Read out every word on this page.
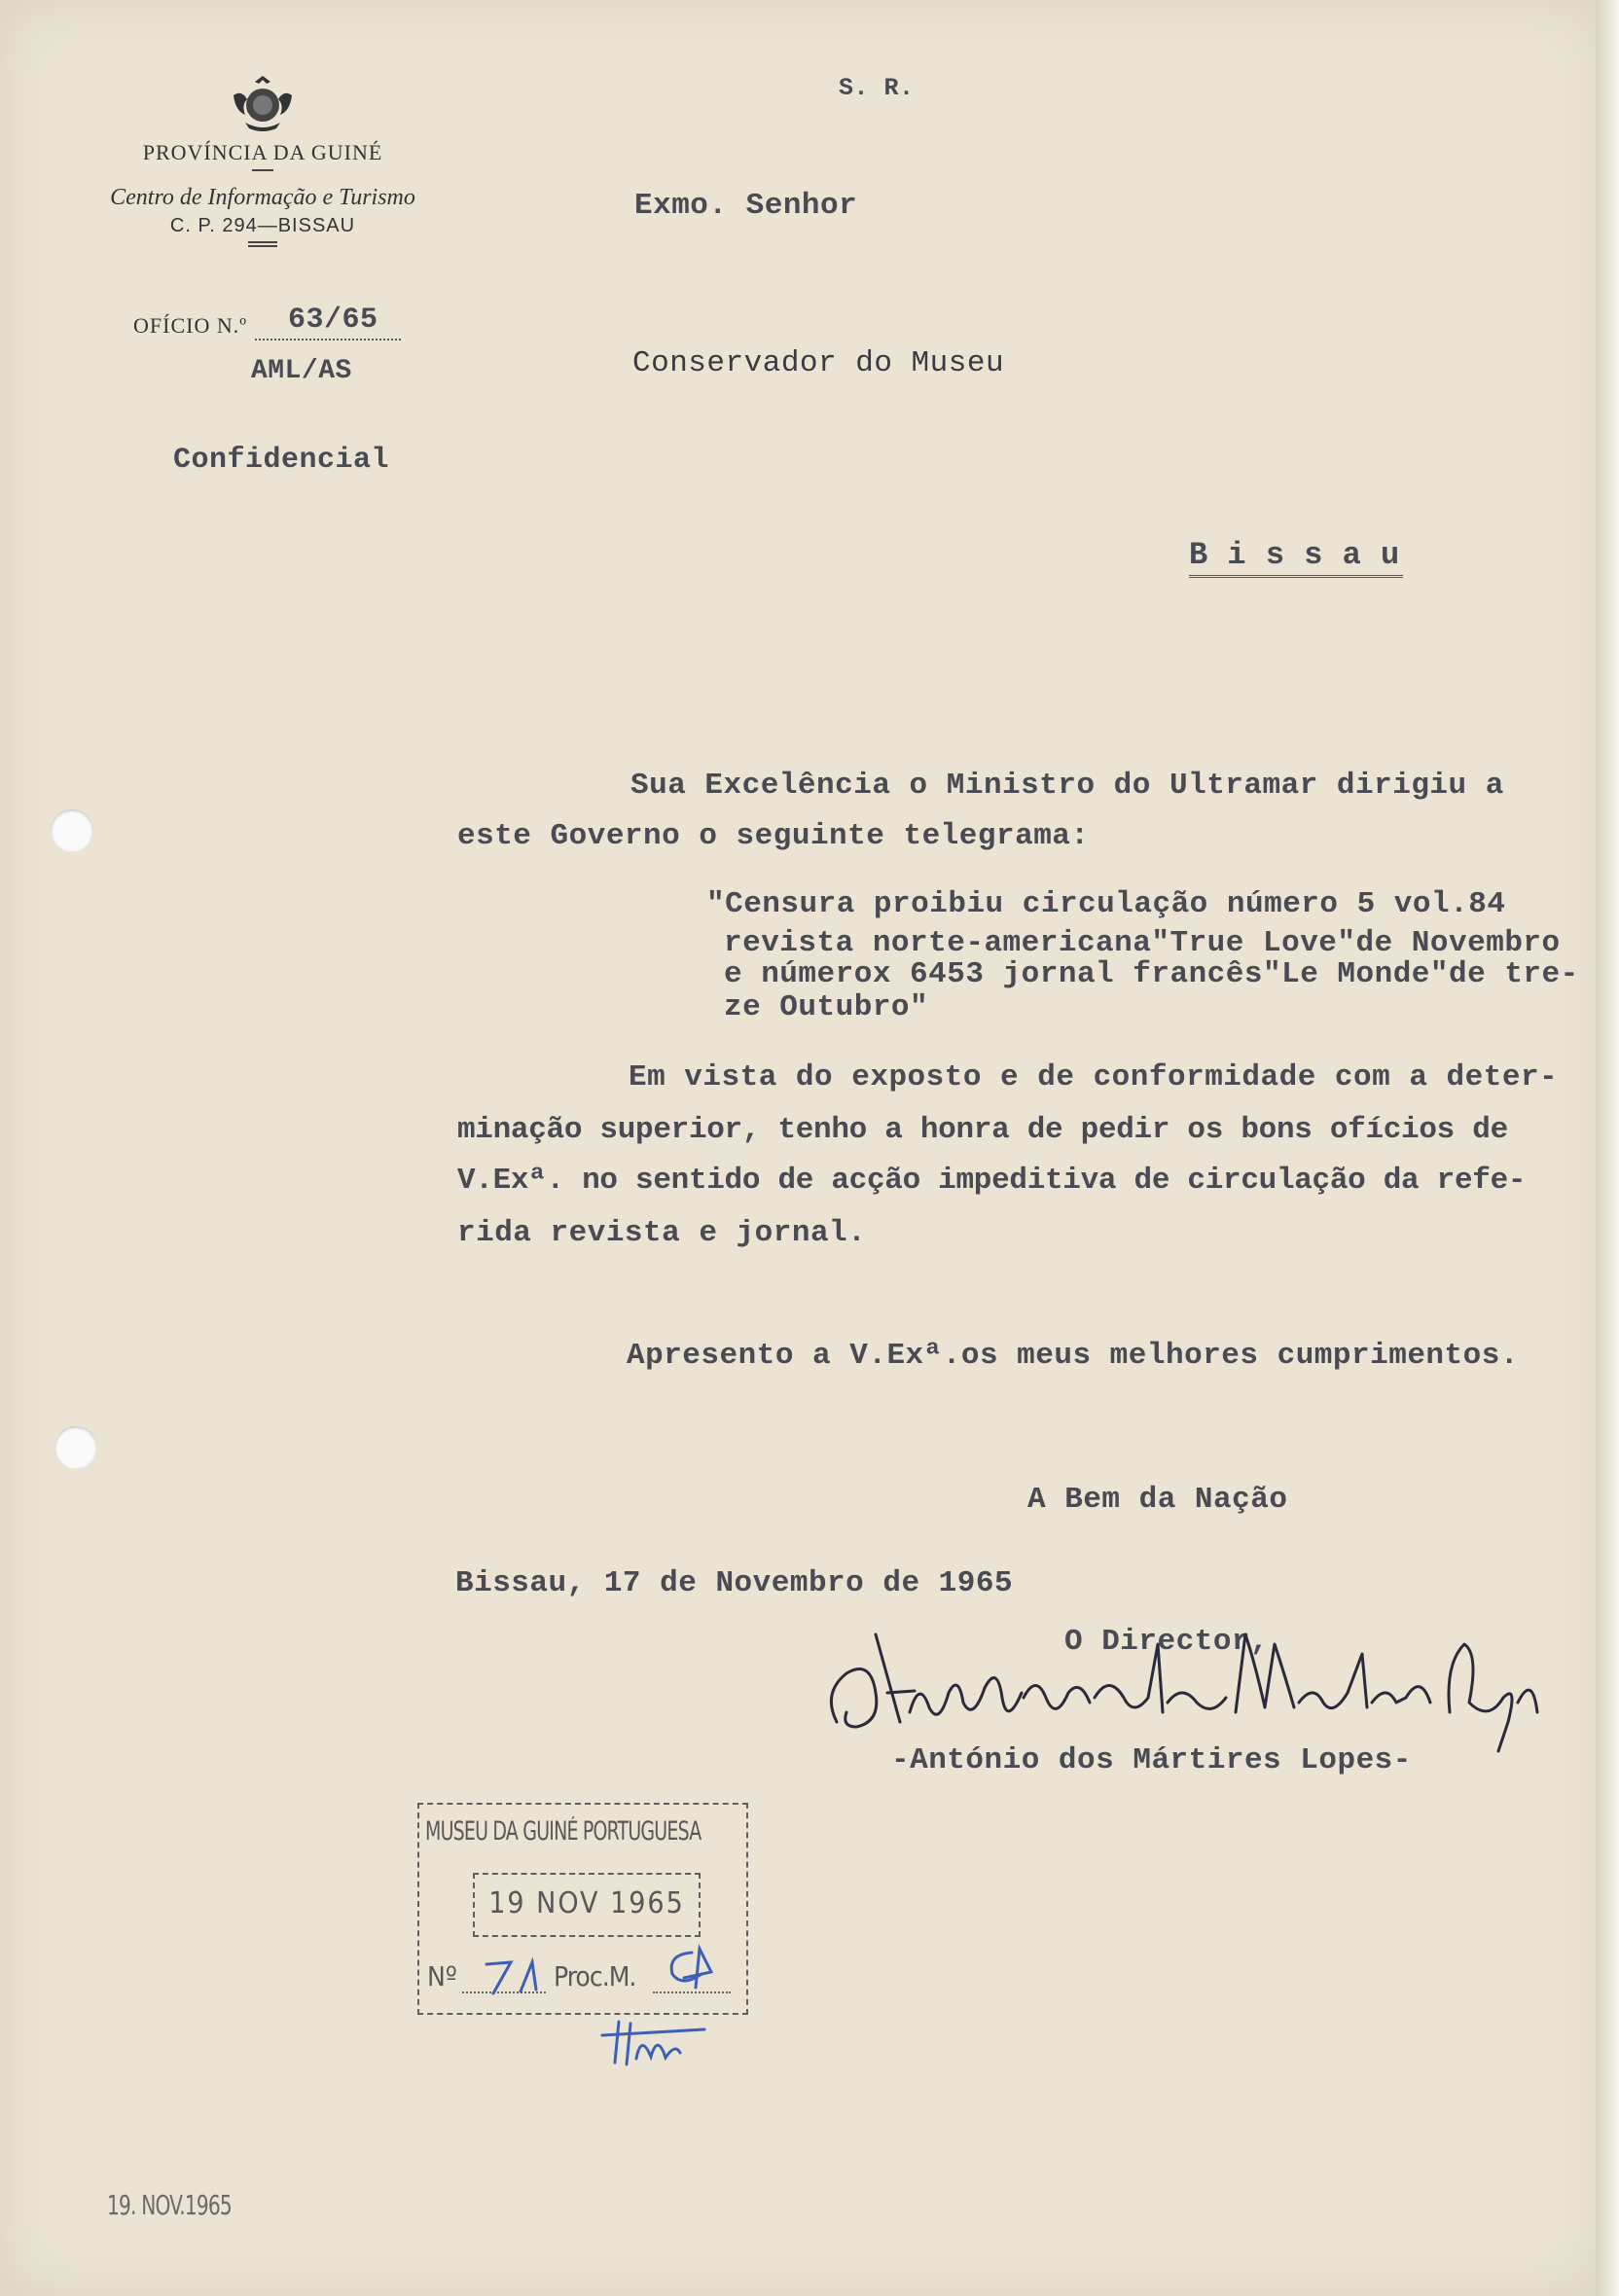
PROVÍNCIA DA GUINÉ
Centro de Informação e Turismo
C. P. 294—BISSAU
OFÍCIO N.º 63/65
AML/AS
Confidencial
S. R.
Exmo. Senhor
Conservador do Museu
B i s s a u
Sua Excelência o Ministro do Ultramar dirigiu a
este Governo o seguinte telegrama:
"Censura proibiu circulação número 5 vol.84
revista norte-americana"True Love"de Novembro
e númerox 6453 jornal francês"Le Monde"de tre-
ze Outubro"
Em vista do exposto e de conformidade com a deter-
minação superior, tenho a honra de pedir os bons ofícios de
V.Exª. no sentido de acção impeditiva de circulação da refe-
rida revista e jornal.
Apresento a V.Exª.os meus melhores cumprimentos.
A Bem da Nação
Bissau, 17 de Novembro de 1965
O Director,
-António dos Mártires Lopes-
MUSEU DA GUINÉ PORTUGUESA
19 NOV 1965
Nº	Proc.M.
19. NOV.1965
